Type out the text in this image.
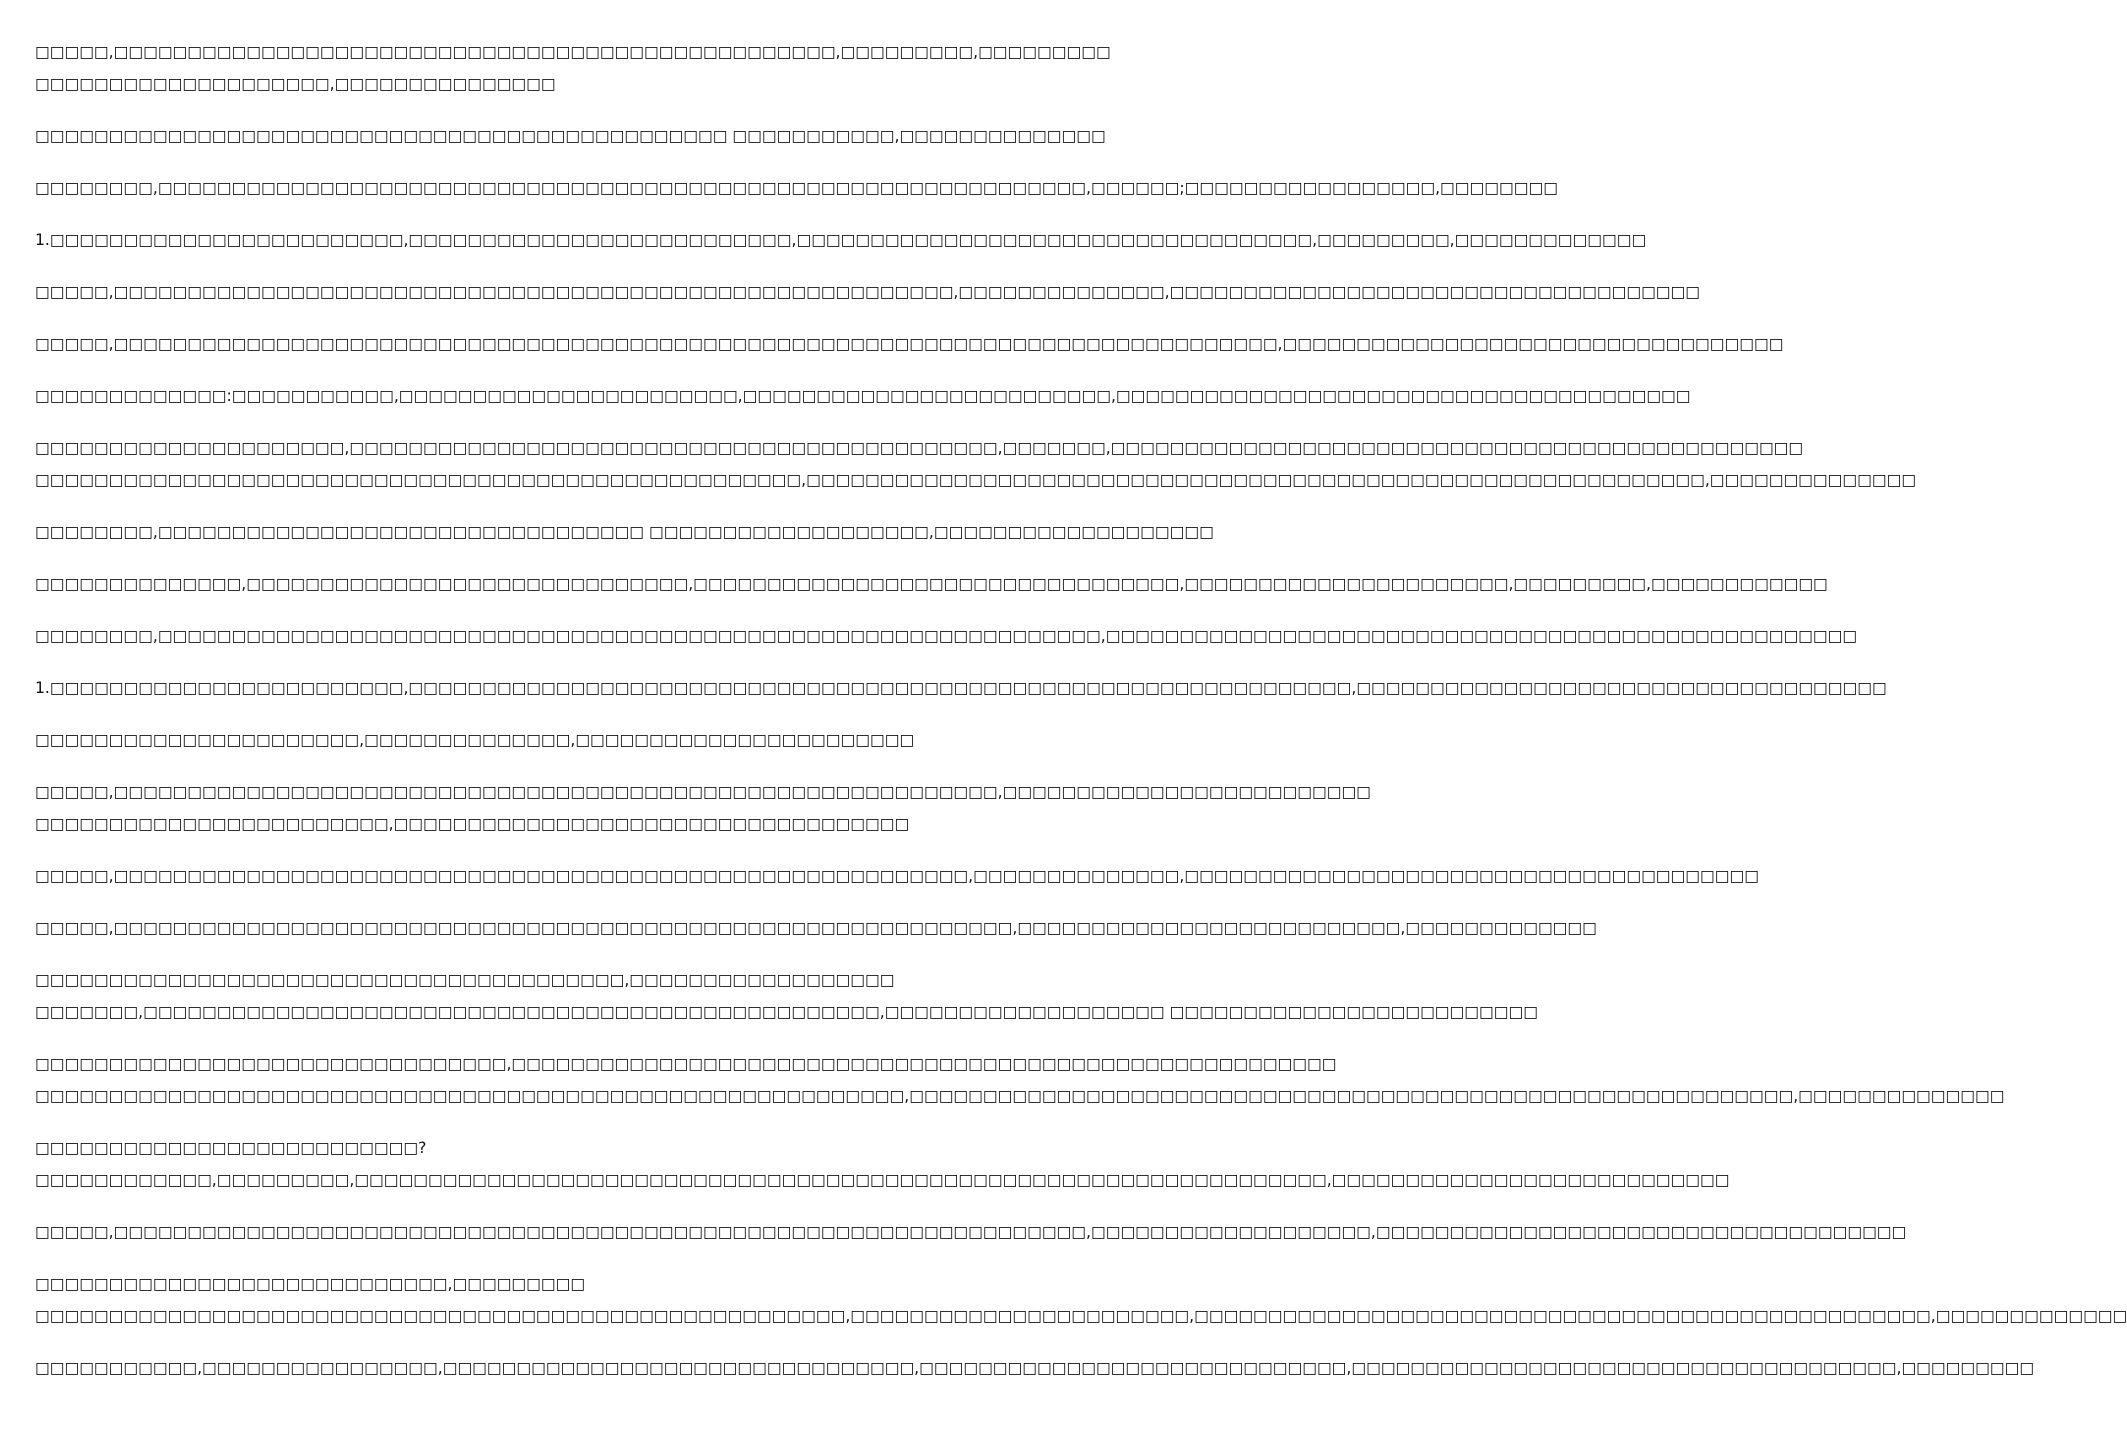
□□□□□,□□□□□□□□□□□□□□□□□□□□□□□□□□□□□□□□□□□□□□□□□□□□□□□□□,□□□□□□□□□,□□□□□□□□□
□□□□□□□□□□□□□□□□□□□□,□□□□□□□□□□□□□□□
□□□□□□□□□□□□□□□□□□□□□□□□□□□□□□□□□□□□□□□□□□□□□□□ □□□□□□□□□□□,□□□□□□□□□□□□□□
□□□□□□□□,□□□□□□□□□□□□□□□□□□□□□□□□□□□□□□□□□□□□□□□□□□□□□□□□□□□□□□□□□□□□□□□,□□□□□□;□□□□□□□□□□□□□□□□□,□□□□□□□□
1.□□□□□□□□□□□□□□□□□□□□□□□□,□□□□□□□□□□□□□□□□□□□□□□□□□□,□□□□□□□□□□□□□□□□□□□□□□□□□□□□□□□□□□□,□□□□□□□□□,□□□□□□□□□□□□□
□□□□□,□□□□□□□□□□□□□□□□□□□□□□□□□□□□□□□□□□□□□□□□□□□□□□□□□□□□□□□□□,□□□□□□□□□□□□□□,□□□□□□□□□□□□□□□□□□□□□□□□□□□□□□□□□□□□
□□□□□,□□□□□□□□□□□□□□□□□□□□□□□□□□□□□□□□□□□□□□□□□□□□□□□□□□□□□□□□□□□□□□□□□□□□□□□□□□□□□□□,□□□□□□□□□□□□□□□□□□□□□□□□□□□□□□□□□□
□□□□□□□□□□□□□:□□□□□□□□□□□,□□□□□□□□□□□□□□□□□□□□□□□,□□□□□□□□□□□□□□□□□□□□□□□□□,□□□□□□□□□□□□□□□□□□□□□□□□□□□□□□□□□□□□□□□
□□□□□□□□□□□□□□□□□□□□□,□□□□□□□□□□□□□□□□□□□□□□□□□□□□□□□□□□□□□□□□□□□□,□□□□□□□,□□□□□□□□□□□□□□□□□□□□□□□□□□□□□□□□□□□□□□□□□□□□□□□
□□□□□□□□□□□□□□□□□□□□□□□□□□□□□□□□□□□□□□□□□□□□□□□□□□□□,□□□□□□□□□□□□□□□□□□□□□□□□□□□□□□□□□□□□□□□□□□□□□□□□□□□□□□□□□□□□□,□□□□□□□□□□□□□□
□□□□□□□□,□□□□□□□□□□□□□□□□□□□□□□□□□□□□□□□□□ □□□□□□□□□□□□□□□□□□□,□□□□□□□□□□□□□□□□□□□
□□□□□□□□□□□□□□,□□□□□□□□□□□□□□□□□□□□□□□□□□□□□□,□□□□□□□□□□□□□□□□□□□□□□□□□□□□□□□□□,□□□□□□□□□□□□□□□□□□□□□□,□□□□□□□□□,□□□□□□□□□□□□
□□□□□□□□,□□□□□□□□□□□□□□□□□□□□□□□□□□□□□□□□□□□□□□□□□□□□□□□□□□□□□□□□□□□□□□□□,□□□□□□□□□□□□□□□□□□□□□□□□□□□□□□□□□□□□□□□□□□□□□□□□□□□
1.□□□□□□□□□□□□□□□□□□□□□□□□,□□□□□□□□□□□□□□□□□□□□□□□□□□□□□□□□□□□□□□□□□□□□□□□□□□□□□□□□□□□□□□□□,□□□□□□□□□□□□□□□□□□□□□□□□□□□□□□□□□□□□
□□□□□□□□□□□□□□□□□□□□□□,□□□□□□□□□□□□□□,□□□□□□□□□□□□□□□□□□□□□□□
□□□□□,□□□□□□□□□□□□□□□□□□□□□□□□□□□□□□□□□□□□□□□□□□□□□□□□□□□□□□□□□□□□,□□□□□□□□□□□□□□□□□□□□□□□□□
□□□□□□□□□□□□□□□□□□□□□□□□,□□□□□□□□□□□□□□□□□□□□□□□□□□□□□□□□□□□
□□□□□,□□□□□□□□□□□□□□□□□□□□□□□□□□□□□□□□□□□□□□□□□□□□□□□□□□□□□□□□□□,□□□□□□□□□□□□□□,□□□□□□□□□□□□□□□□□□□□□□□□□□□□□□□□□□□□□□□
□□□□□,□□□□□□□□□□□□□□□□□□□□□□□□□□□□□□□□□□□□□□□□□□□□□□□□□□□□□□□□□□□□□,□□□□□□□□□□□□□□□□□□□□□□□□□□,□□□□□□□□□□□□□
□□□□□□□□□□□□□□□□□□□□□□□□□□□□□□□□□□□□□□□□,□□□□□□□□□□□□□□□□□□
□□□□□□□,□□□□□□□□□□□□□□□□□□□□□□□□□□□□□□□□□□□□□□□□□□□□□□□□□□,□□□□□□□□□□□□□□□□□□□ □□□□□□□□□□□□□□□□□□□□□□□□□
□□□□□□□□□□□□□□□□□□□□□□□□□□□□□□□□,□□□□□□□□□□□□□□□□□□□□□□□□□□□□□□□□□□□□□□□□□□□□□□□□□□□□□□□□
□□□□□□□□□□□□□□□□□□□□□□□□□□□□□□□□□□□□□□□□□□□□□□□□□□□□□□□□□□□,□□□□□□□□□□□□□□□□□□□□□□□□□□□□□□□□□□□□□□□□□□□□□□□□□□□□□□□□□□□□,□□□□□□□□□□□□□□
□□□□□□□□□□□□□□□□□□□□□□□□□□?
□□□□□□□□□□□□,□□□□□□□□□,□□□□□□□□□□□□□□□□□□□□□□□□□□□□□□□□□□□□□□□□□□□□□□□□□□□□□□□□□□□□□□□□□□,□□□□□□□□□□□□□□□□□□□□□□□□□□□
□□□□□,□□□□□□□□□□□□□□□□□□□□□□□□□□□□□□□□□□□□□□□□□□□□□□□□□□□□□□□□□□□□□□□□□□,□□□□□□□□□□□□□□□□□□□,□□□□□□□□□□□□□□□□□□□□□□□□□□□□□□□□□□□□
□□□□□□□□□□□□□□□□□□□□□□□□□□□□,□□□□□□□□□
□□□□□□□□□□□□□□□□□□□□□□□□□□□□□□□□□□□□□□□□□□□□□□□□□□□□□□□,□□□□□□□□□□□□□□□□□□□□□□□,□□□□□□□□□□□□□□□□□□□□□□□□□□□□□□□□□□□□□□□□□□□□□□□□□□,□□□□□□□□□□□□□
□□□□□□□□□□□,□□□□□□□□□□□□□□□□,□□□□□□□□□□□□□□□□□□□□□□□□□□□□□□□□,□□□□□□□□□□□□□□□□□□□□□□□□□□□□□,□□□□□□□□□□□□□□□□□□□□□□□□□□□□□□□□□□□□□,□□□□□□□□□
